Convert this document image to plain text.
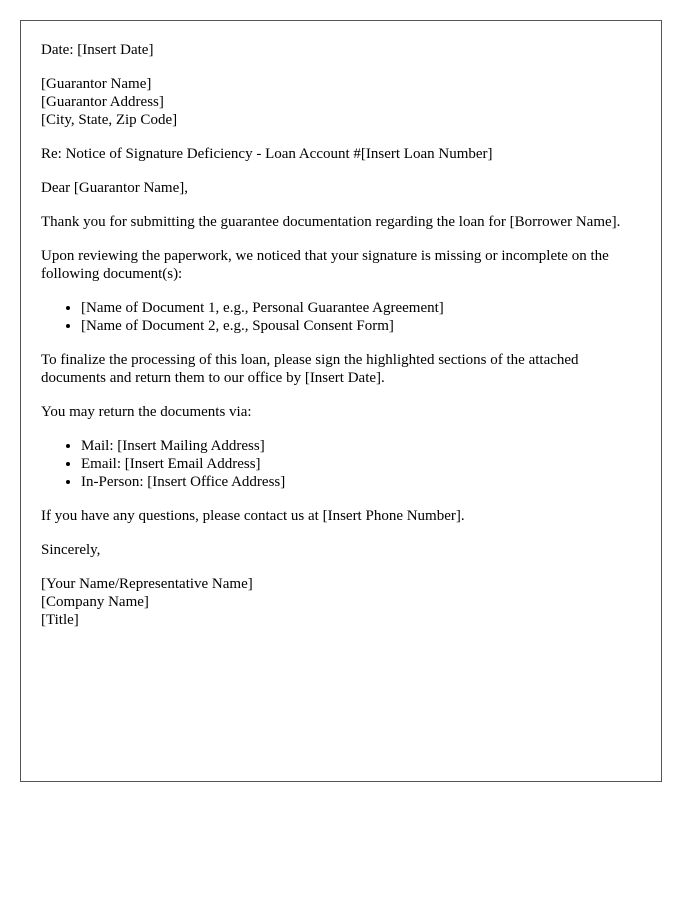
Date: [Insert Date]

[Guarantor Name]
[Guarantor Address]
[City, State, Zip Code]

Re: Notice of Signature Deficiency - Loan Account #[Insert Loan Number]

Dear [Guarantor Name],

Thank you for submitting the guarantee documentation regarding the loan for [Borrower Name].

Upon reviewing the paperwork, we noticed that your signature is missing or incomplete on the following document(s):

• [Name of Document 1, e.g., Personal Guarantee Agreement]
• [Name of Document 2, e.g., Spousal Consent Form]

To finalize the processing of this loan, please sign the highlighted sections of the attached documents and return them to our office by [Insert Date].

You may return the documents via:

• Mail: [Insert Mailing Address]
• Email: [Insert Email Address]
• In-Person: [Insert Office Address]

If you have any questions, please contact us at [Insert Phone Number].

Sincerely,

[Your Name/Representative Name]
[Company Name]
[Title]
